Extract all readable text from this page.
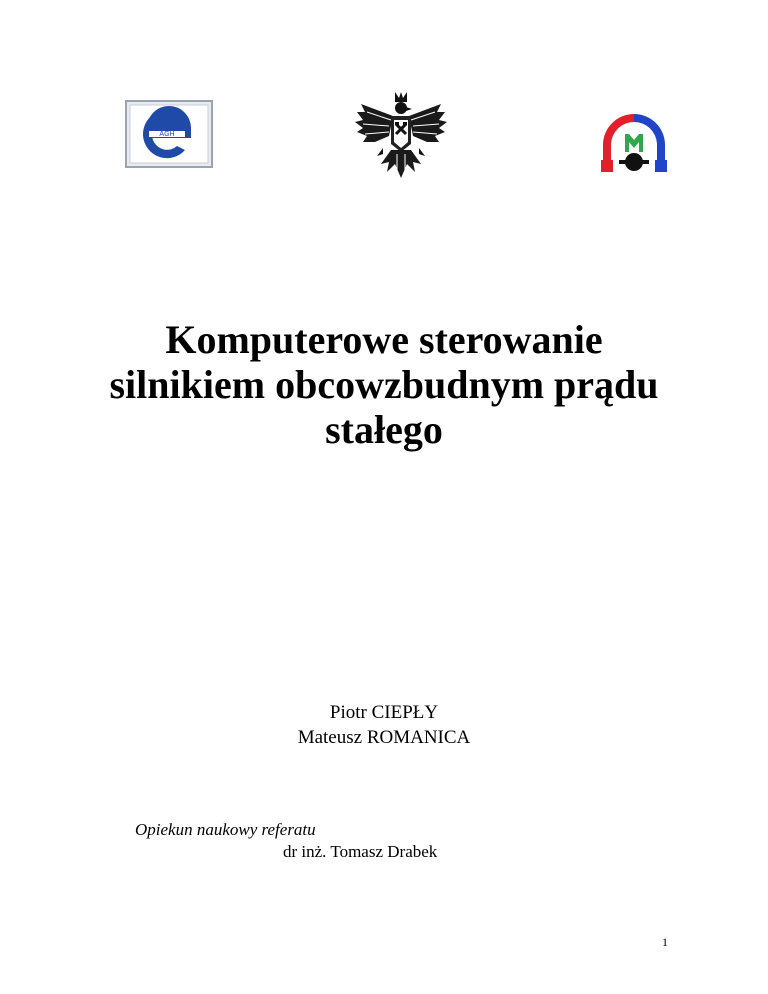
AGH
Komputerowe sterowanie
silnikiem obcowzbudnym prądu
stałego
Piotr CIEPŁY
Mateusz ROMANICA
Opiekun naukowy referatu
dr inż. Tomasz Drabek
1
